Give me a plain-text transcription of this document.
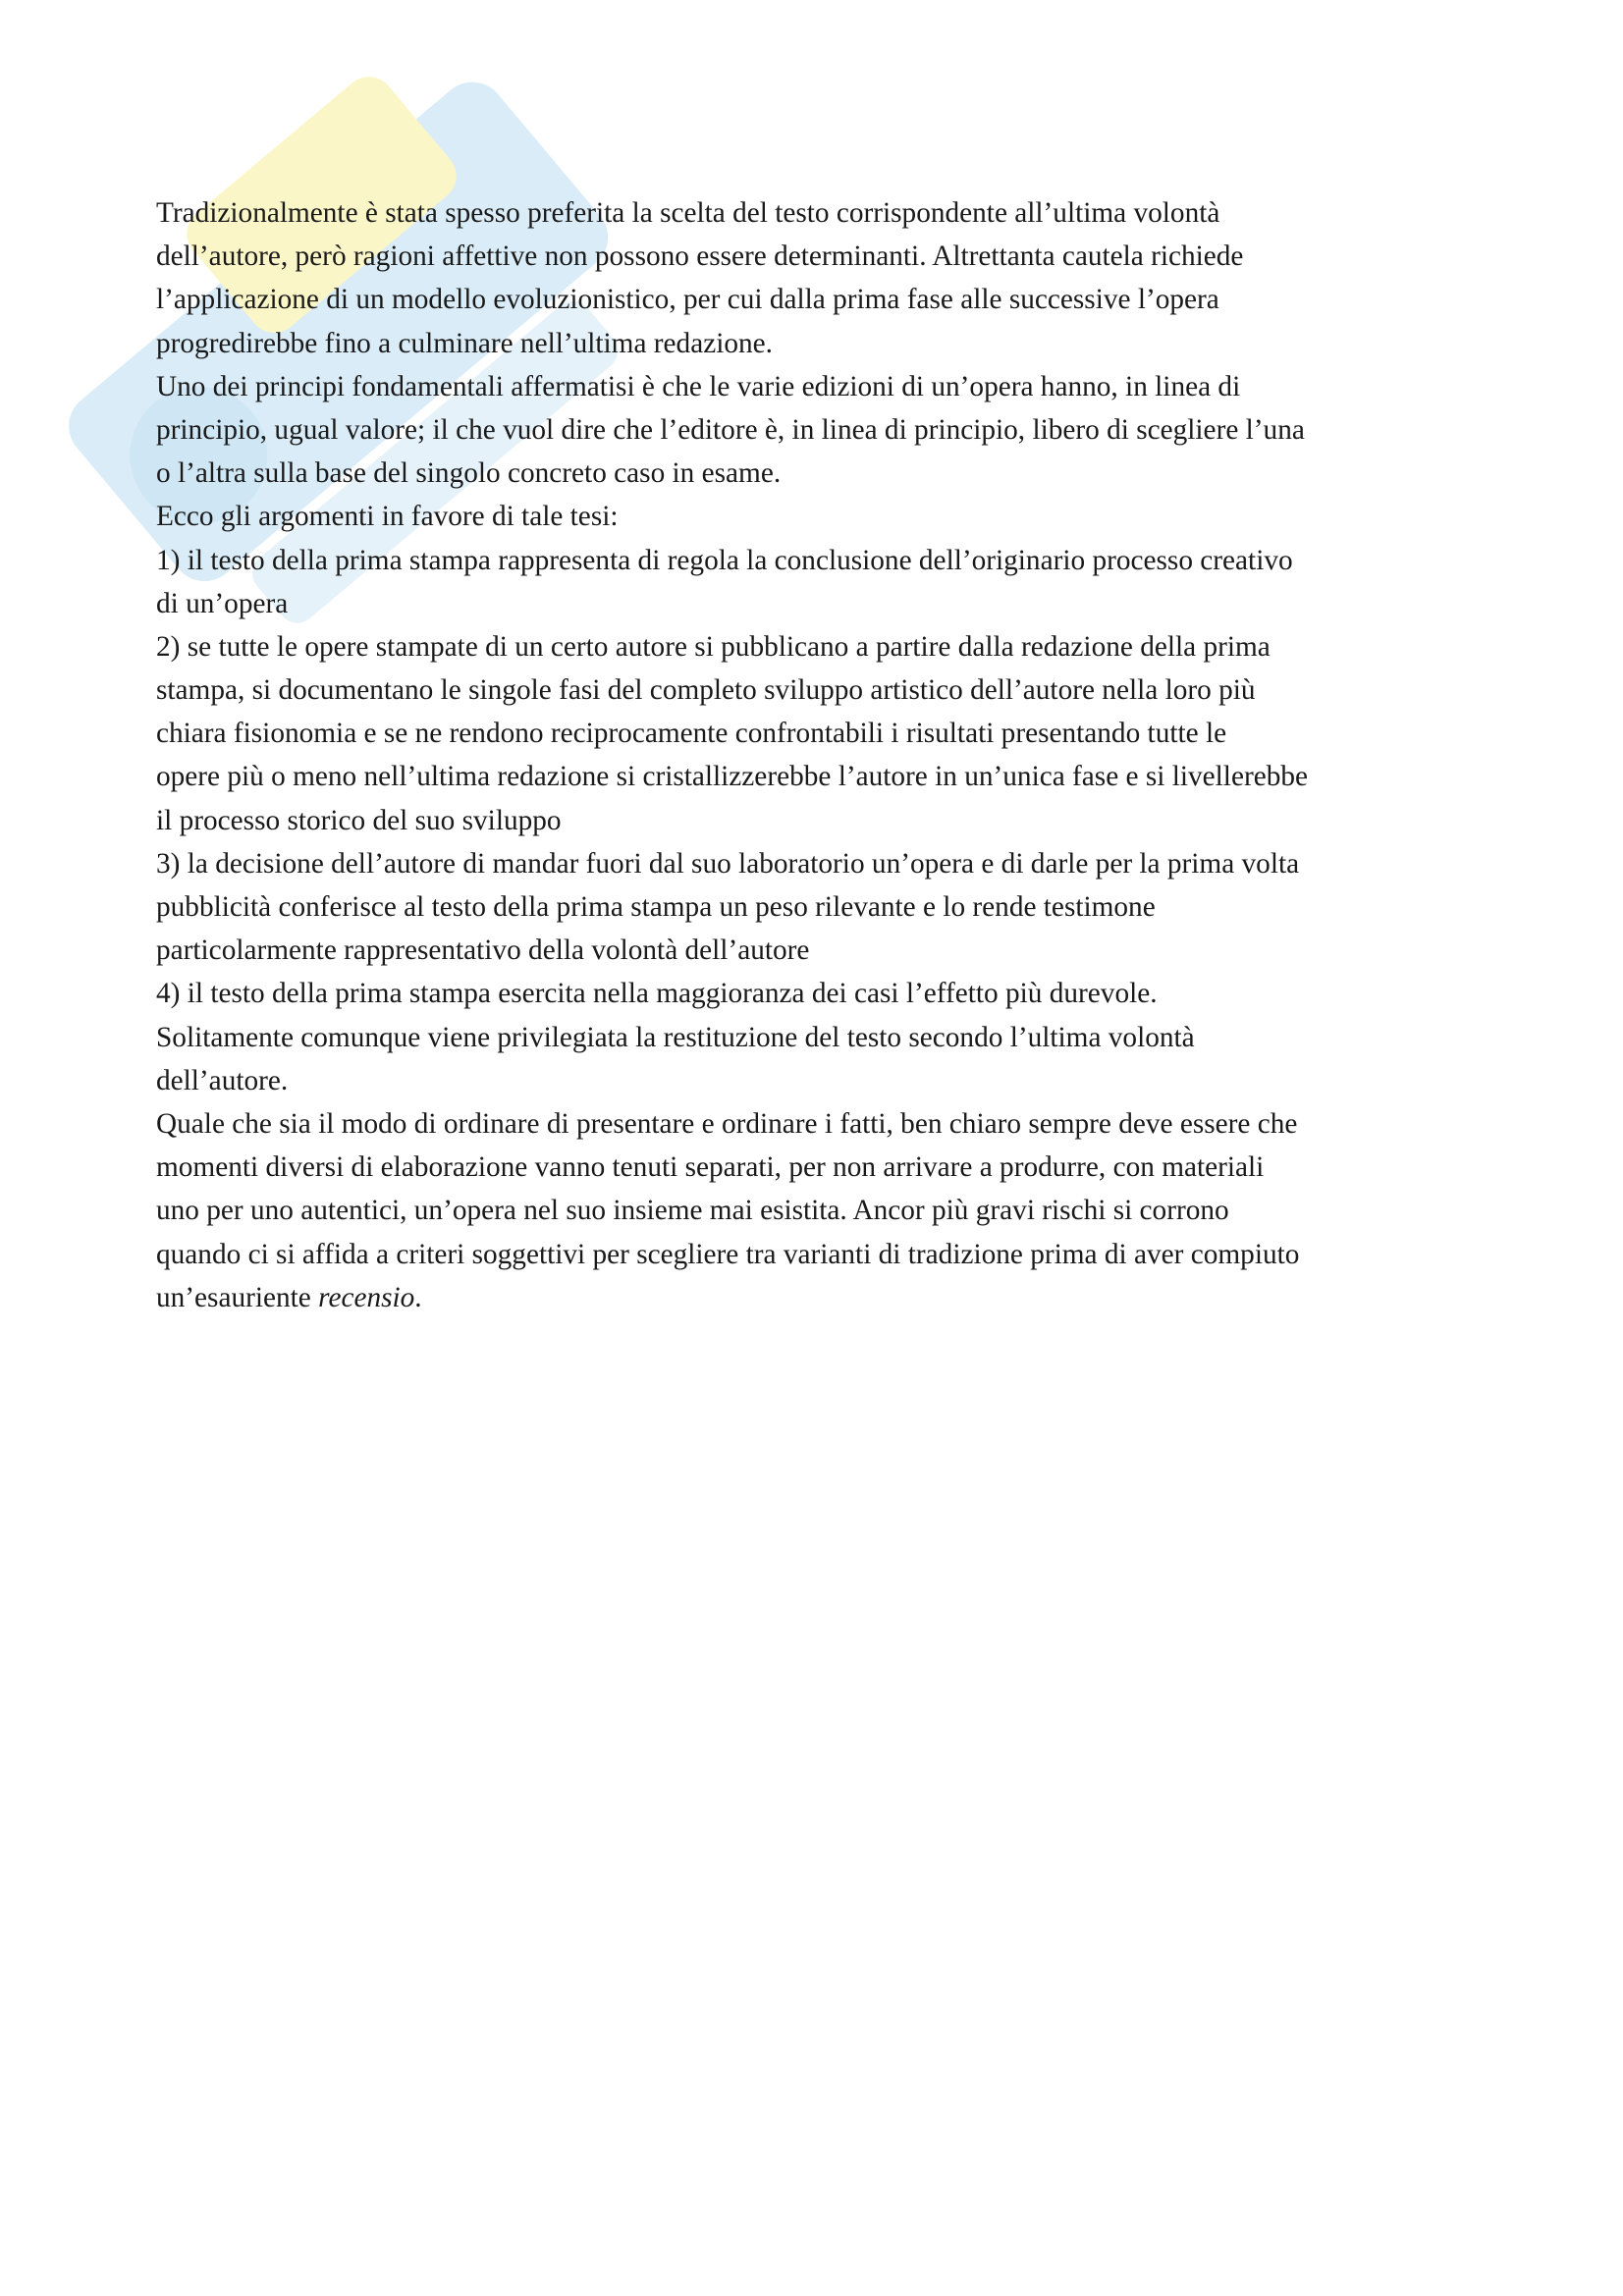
Tradizionalmente è stata spesso preferita la scelta del testo corrispondente all’ultima volontà
dell’autore, però ragioni affettive non possono essere determinanti. Altrettanta cautela richiede
l’applicazione di un modello evoluzionistico, per cui dalla prima fase alle successive l’opera
progredirebbe fino a culminare nell’ultima redazione.
Uno dei principi fondamentali affermatisi è che le varie edizioni di un’opera hanno, in linea di
principio, ugual valore; il che vuol dire che l’editore è, in linea di principio, libero di scegliere l’una
o l’altra sulla base del singolo concreto caso in esame.
Ecco gli argomenti in favore di tale tesi:
1) il testo della prima stampa rappresenta di regola la conclusione dell’originario processo creativo
di un’opera
2) se tutte le opere stampate di un certo autore si pubblicano a partire dalla redazione della prima
stampa, si documentano le singole fasi del completo sviluppo artistico dell’autore nella loro più
chiara fisionomia e se ne rendono reciprocamente confrontabili i risultati presentando tutte le
opere più o meno nell’ultima redazione si cristallizzerebbe l’autore in un’unica fase e si livellerebbe
il processo storico del suo sviluppo
3) la decisione dell’autore di mandar fuori dal suo laboratorio un’opera e di darle per la prima volta
pubblicità conferisce al testo della prima stampa un peso rilevante e lo rende testimone
particolarmente rappresentativo della volontà dell’autore
4) il testo della prima stampa esercita nella maggioranza dei casi l’effetto più durevole.
Solitamente comunque viene privilegiata la restituzione del testo secondo l’ultima volontà
dell’autore.
Quale che sia il modo di ordinare di presentare e ordinare i fatti, ben chiaro sempre deve essere che
momenti diversi di elaborazione vanno tenuti separati, per non arrivare a produrre, con materiali
uno per uno autentici, un’opera nel suo insieme mai esistita. Ancor più gravi rischi si corrono
quando ci si affida a criteri soggettivi per scegliere tra varianti di tradizione prima di aver compiuto
un’esauriente recensio.
